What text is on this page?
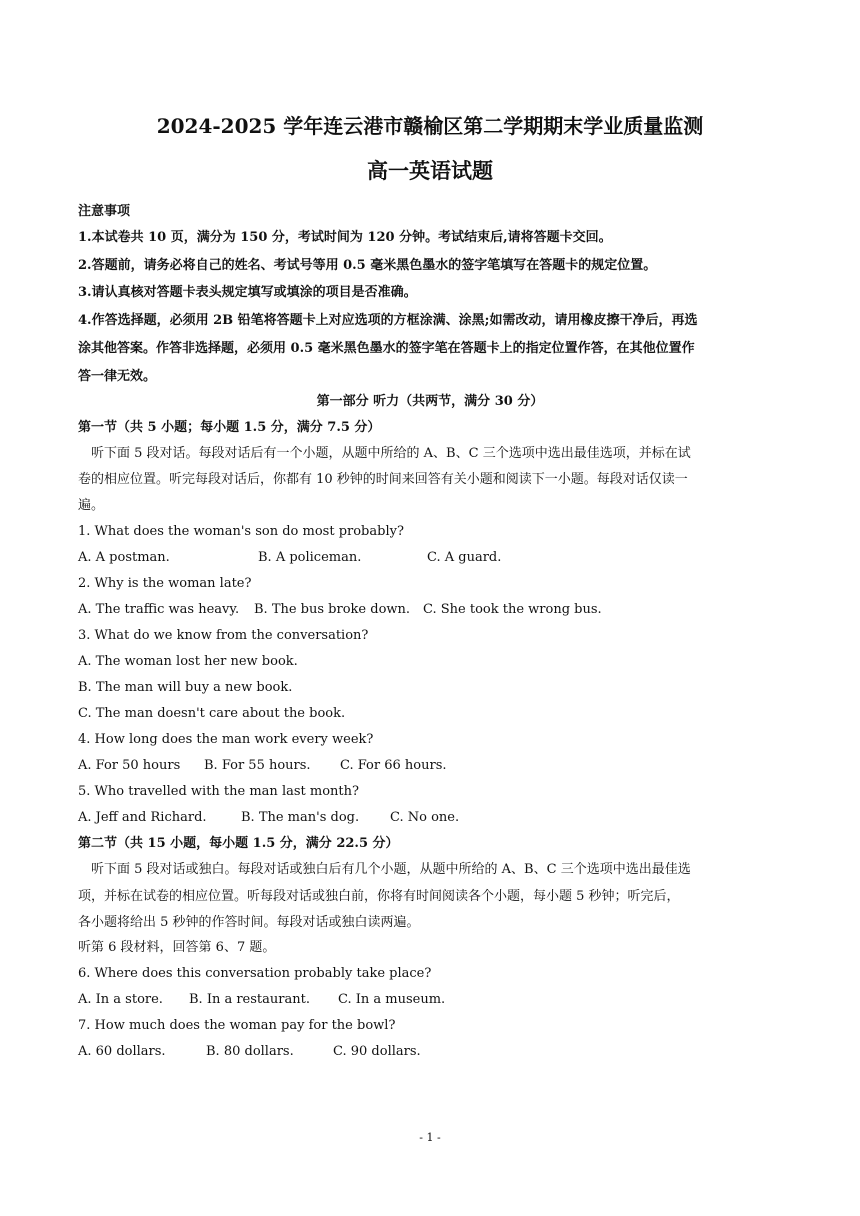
2024-2025 学年连云港市赣榆区第二学期期末学业质量监测
高一英语试题
注意事项
1.本试卷共 10 页，满分为 150 分，考试时间为 120 分钟。考试结束后,请将答题卡交回。
2.答题前，请务必将自己的姓名、考试号等用 0.5 毫米黑色墨水的签字笔填写在答题卡的规定位置。
3.请认真核对答题卡表头规定填写或填涂的项目是否准确。
4.作答选择题，必须用 2B 铅笔将答题卡上对应选项的方框涂满、涂黑;如需改动，请用橡皮擦干净后，再选
涂其他答案。作答非选择题，必须用 0.5 毫米黑色墨水的签字笔在答题卡上的指定位置作答，在其他位置作
答一律无效。
第一部分 听力（共两节，满分 30 分）
第一节（共 5 小题；每小题 1.5 分，满分 7.5 分）
听下面 5 段对话。每段对话后有一个小题，从题中所给的 A、B、C 三个选项中选出最佳选项，并标在试
卷的相应位置。听完每段对话后，你都有 10 秒钟的时间来回答有关小题和阅读下一小题。每段对话仅读一
遍。
1. What does the woman's son do most probably?
A. A postman.	B. A policeman.	C. A guard.
2. Why is the woman late?
A. The traffic was heavy. B. The bus broke down. C. She took the wrong bus.
3. What do we know from the conversation?
A. The woman lost her new book.
B. The man will buy a new book.
C. The man doesn't care about the book.
4. How long does the man work every week?
A. For 50 hours B. For 55 hours. C. For 66 hours.
5. Who travelled with the man last month?
A. Jeff and Richard.	B. The man's dog. C. No one.
第二节（共 15 小题，每小题 1.5 分，满分 22.5 分）
听下面 5 段对话或独白。每段对话或独白后有几个小题，从题中所给的 A、B、C 三个选项中选出最佳选
项，并标在试卷的相应位置。听每段对话或独白前，你将有时间阅读各个小题，每小题 5 秒钟；听完后，
各小题将给出 5 秒钟的作答时间。每段对话或独白读两遍。
听第 6 段材料，回答第 6、7 题。
6. Where does this conversation probably take place?
A. In a store. B. In a restaurant. C. In a museum.
7. How much does the woman pay for the bowl?
A. 60 dollars.	B. 80 dollars.	C. 90 dollars.
- 1 -
